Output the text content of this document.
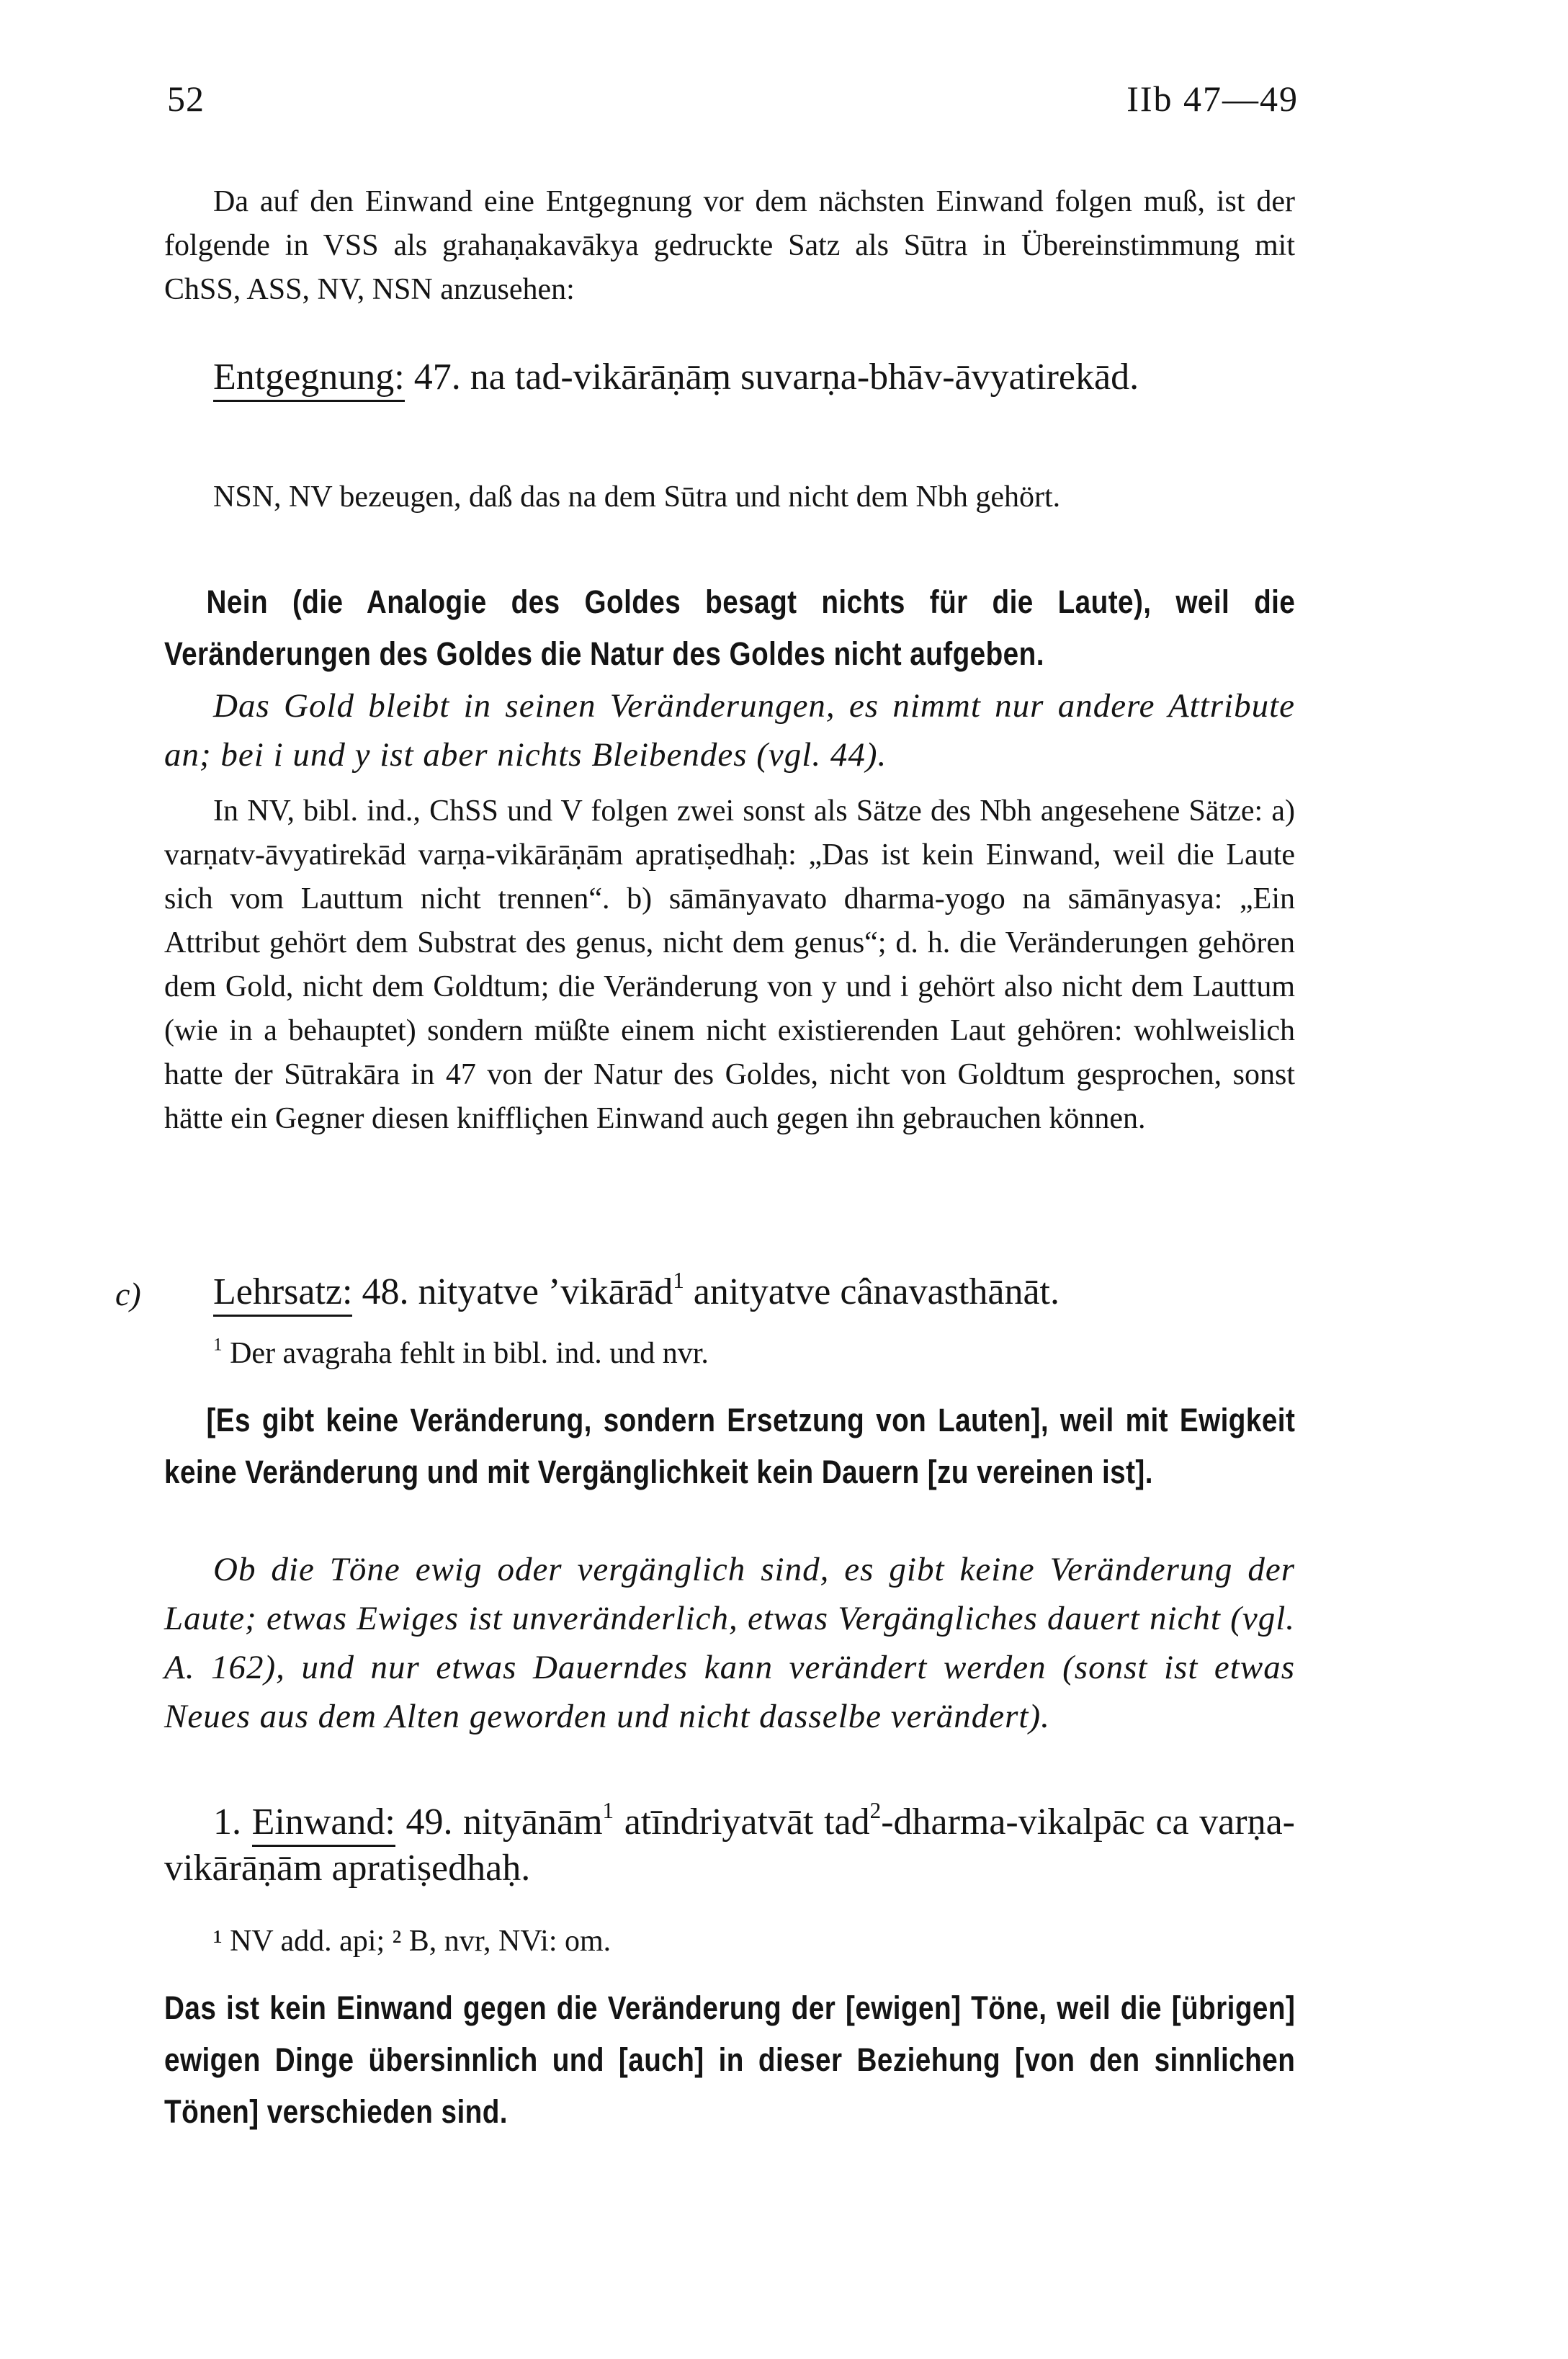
52	IIb 47—49

Da auf den Einwand eine Entgegnung vor dem nächsten Einwand folgen muß, ist der folgende in VSS als grahaṇakavākya gedruckte Satz als Sūtra in Übereinstimmung mit ChSS, ASS, NV, NSN anzusehen:

Entgegnung: 47. na tad-vikārāṇāṃ suvarṇa-bhāv-āvyatirekād.

NSN, NV bezeugen, daß das na dem Sūtra und nicht dem Nbh gehört.

Nein (die Analogie des Goldes besagt nichts für die Laute), weil die Veränderungen des Goldes die Natur des Goldes nicht aufgeben.

Das Gold bleibt in seinen Veränderungen, es nimmt nur andere Attribute an; bei i und y ist aber nichts Bleibendes (vgl. 44).

In NV, bibl. ind., ChSS und V folgen zwei sonst als Sätze des Nbh angesehene Sätze: a) varṇatv-āvyatirekād varṇa-vikārāṇām apratiṣedhaḥ: „Das ist kein Einwand, weil die Laute sich vom Lauttum nicht trennen“. b) sāmānyavato dharma-yogo na sāmānyasya: „Ein Attribut gehört dem Substrat des genus, nicht dem genus“; d. h. die Veränderungen gehören dem Gold, nicht dem Goldtum; die Veränderung von y und i gehört also nicht dem Lauttum (wie in a behauptet) sondern müßte einem nicht existierenden Laut gehören: wohlweislich hatte der Sūtrakāra in 47 von der Natur des Goldes, nicht von Goldtum gesprochen, sonst hätte ein Gegner diesen kniffliçhen Einwand auch gegen ihn gebrauchen können.

c)	Lehrsatz: 48. nityatve ’vikārād$^1$ anityatve cânavasthānāt.

$^1$ Der avagraha fehlt in bibl. ind. und nvr.

[Es gibt keine Veränderung, sondern Ersetzung von Lauten], weil mit Ewigkeit keine Veränderung und mit Vergänglichkeit kein Dauern [zu vereinen ist].

Ob die Töne ewig oder vergänglich sind, es gibt keine Veränderung der Laute; etwas Ewiges ist unveränderlich, etwas Vergängliches dauert nicht (vgl. A. 162), und nur etwas Dauerndes kann verändert werden (sonst ist etwas Neues aus dem Alten geworden und nicht dasselbe verändert).

1. Einwand: 49. nityānām$^1$ atīndriyatvāt tad$^2$-dharma-vikalpāc ca varṇa-vikārāṇām apratiṣedhaḥ.

¹ NV add. api; ² B, nvr, NVi: om.

Das ist kein Einwand gegen die Veränderung der [ewigen] Töne, weil die [übrigen] ewigen Dinge übersinnlich und [auch] in dieser Beziehung [von den sinnlichen Tönen] verschieden sind.
